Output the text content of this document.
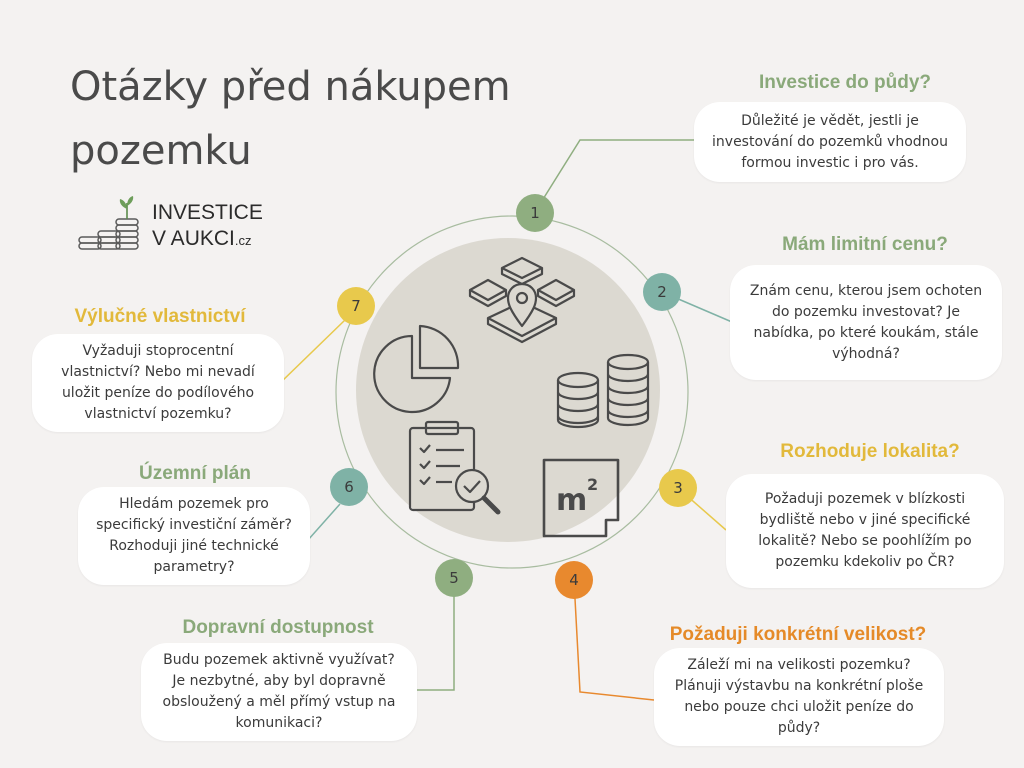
Otázky před nákupem pozemku
INVESTICE
V AUKCI.cz
m 2
1
2
3
4
5
6
7
Investice do půdy?
Důležité je vědět, jestli je investování do pozemků vhodnou formou investic i pro vás.
Mám limitní cenu?
Znám cenu, kterou jsem ochoten do pozemku investovat? Je nabídka, po které koukám, stále výhodná?
Rozhoduje lokalita?
Požaduji pozemek v blízkosti bydliště nebo v jiné specifické lokalitě? Nebo se poohlížím po pozemku kdekoliv po ČR?
Požaduji konkrétní velikost?
Záleží mi na velikosti pozemku? Plánuji výstavbu na konkrétní ploše nebo pouze chci uložit peníze do půdy?
Dopravní dostupnost
Budu pozemek aktivně využívat? Je nezbytné, aby byl dopravně obsloužený a měl přímý vstup na komunikaci?
Územní plán
Hledám pozemek pro specifický investiční záměr? Rozhoduji jiné technické parametry?
Výlučné vlastnictví
Vyžaduji stoprocentní vlastnictví? Nebo mi nevadí uložit peníze do podílového vlastnictví pozemku?
